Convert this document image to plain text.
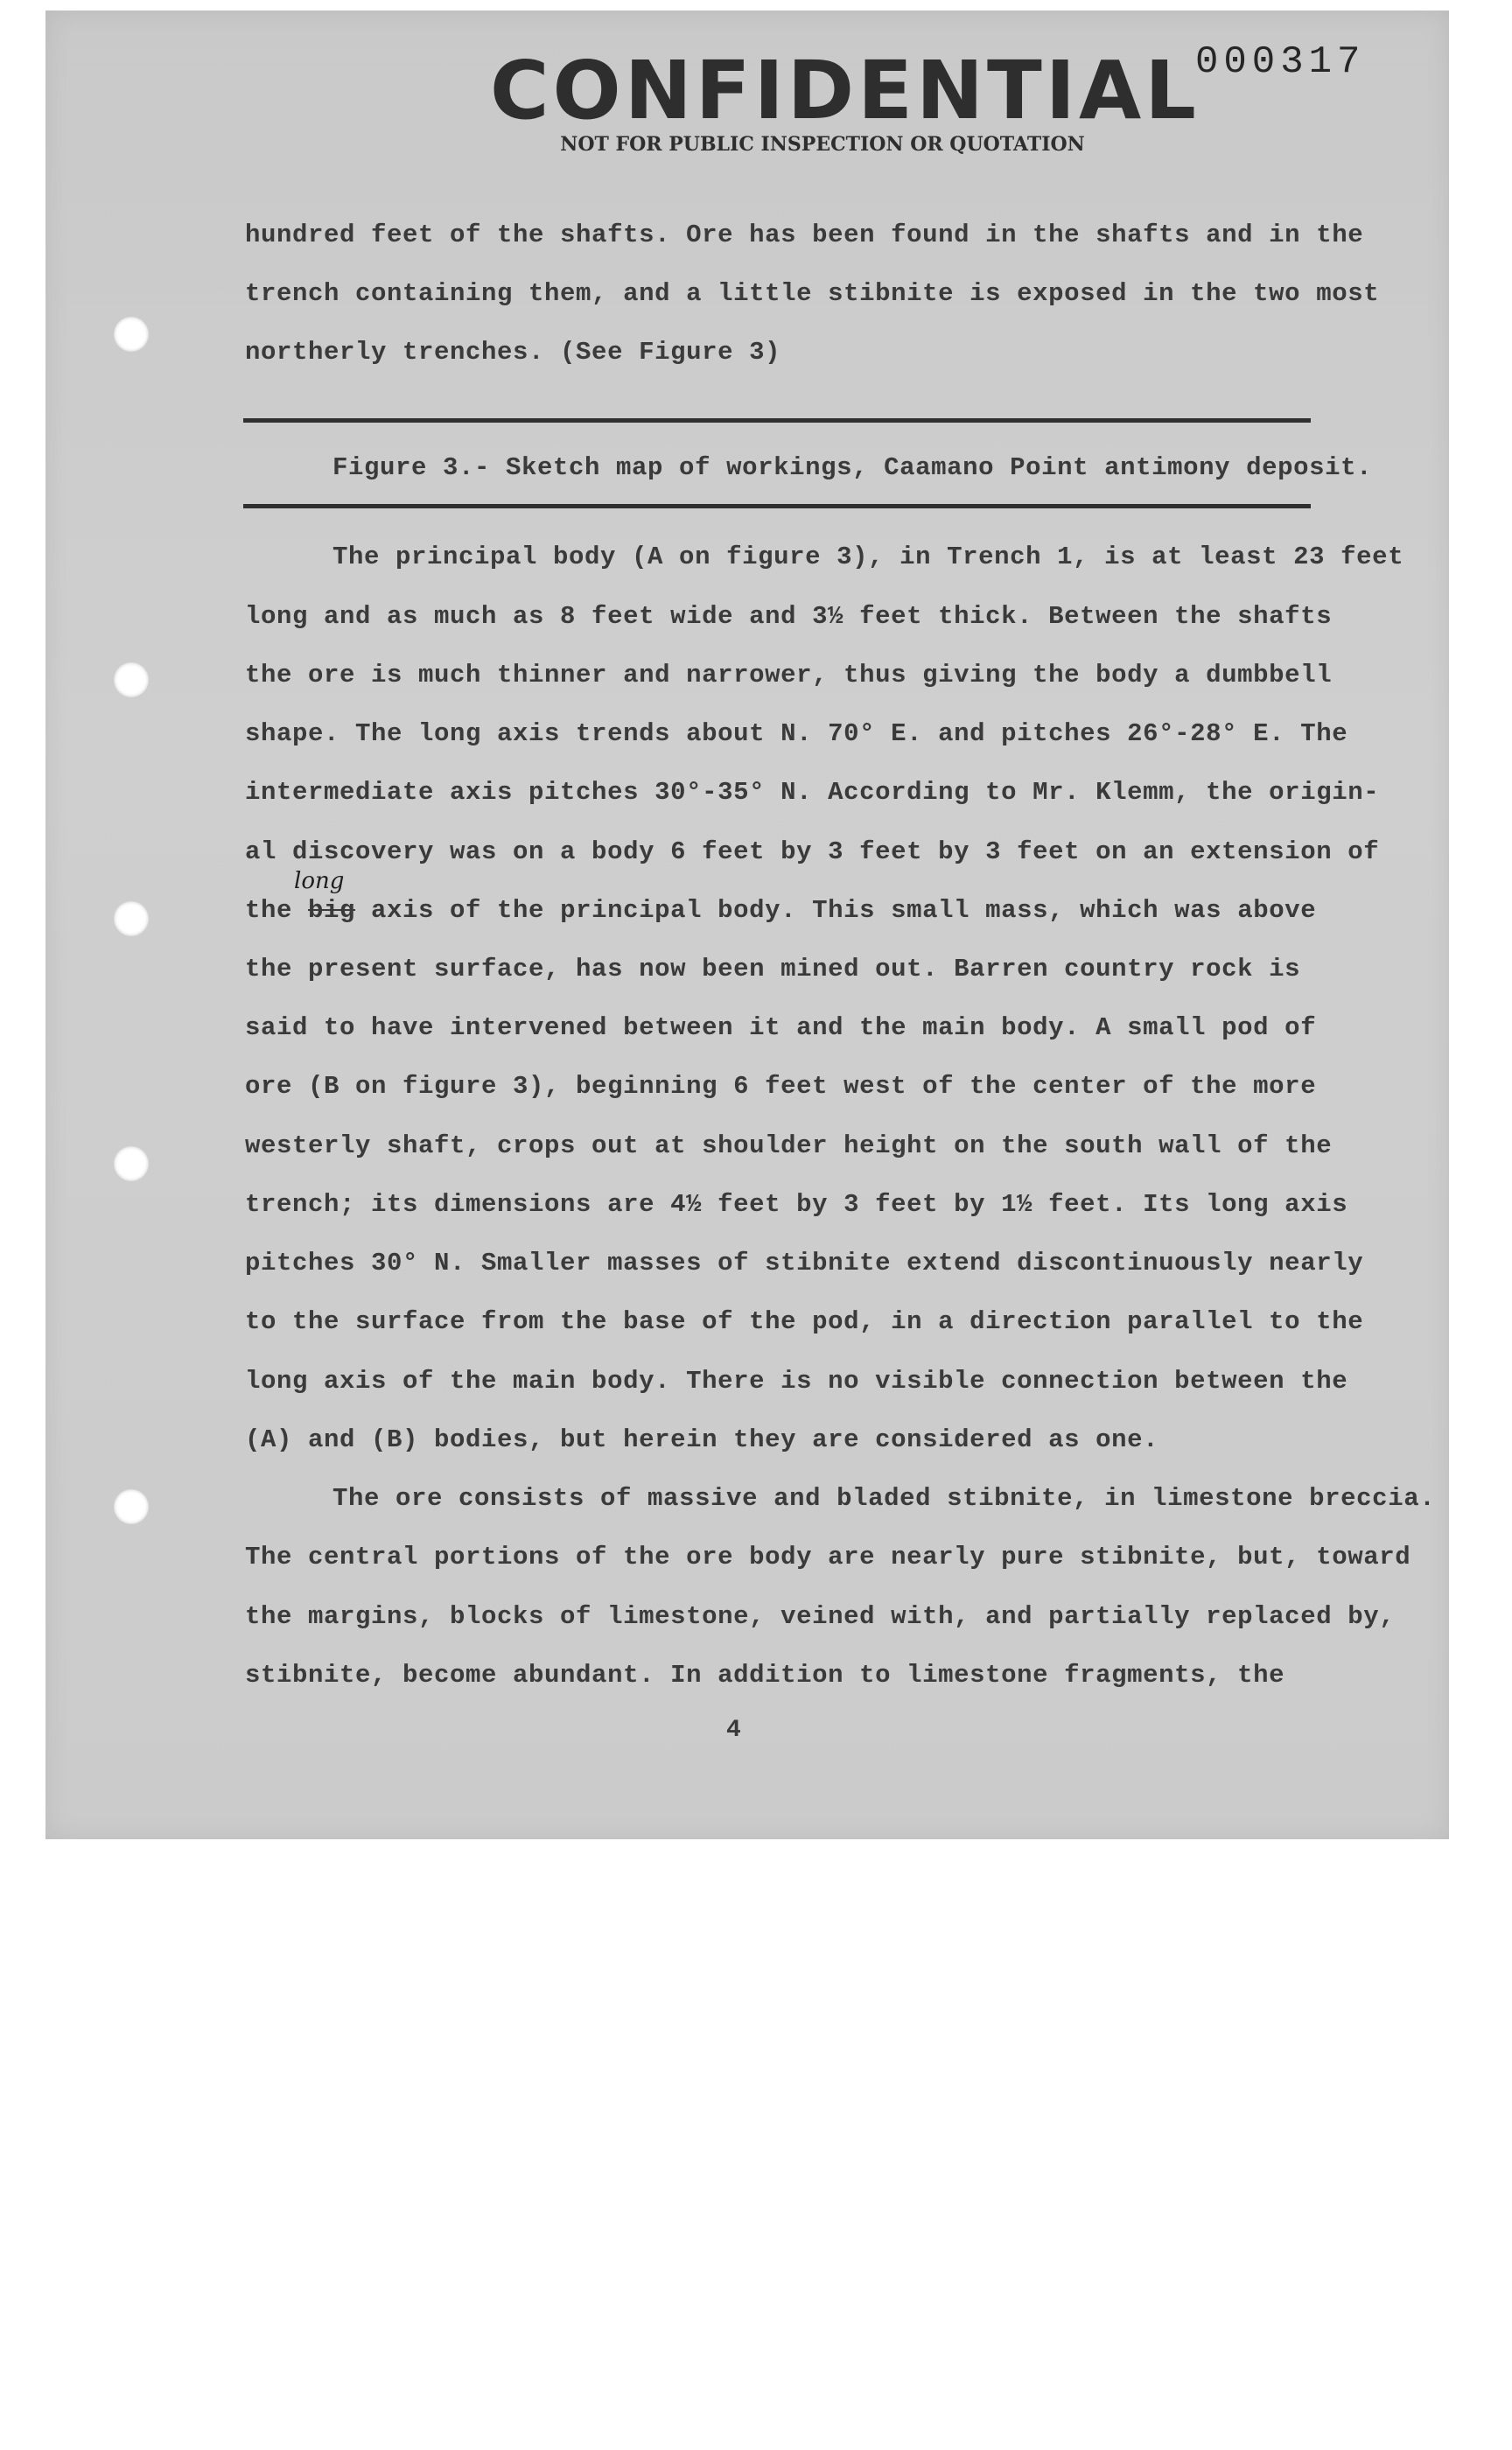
CONFIDENTIAL
NOT FOR PUBLIC INSPECTION OR QUOTATION
000317
hundred feet of the shafts. Ore has been found in the shafts and in the
trench containing them, and a little stibnite is exposed in the two most
northerly trenches. (See Figure 3)
Figure 3.- Sketch map of workings, Caamano Point antimony deposit.
The principal body (A on figure 3), in Trench 1, is at least 23 feet
long and as much as 8 feet wide and 3½ feet thick. Between the shafts
the ore is much thinner and narrower, thus giving the body a dumbbell
shape. The long axis trends about N. 70° E. and pitches 26°-28° E. The
intermediate axis pitches 30°-35° N. According to Mr. Klemm, the origin-
al discovery was on a body 6 feet by 3 feet by 3 feet on an extension of
the big axis of the principal body. This small mass, which was above
long
the present surface, has now been mined out. Barren country rock is
said to have intervened between it and the main body. A small pod of
ore (B on figure 3), beginning 6 feet west of the center of the more
westerly shaft, crops out at shoulder height on the south wall of the
trench; its dimensions are 4½ feet by 3 feet by 1½ feet. Its long axis
pitches 30° N. Smaller masses of stibnite extend discontinuously nearly
to the surface from the base of the pod, in a direction parallel to the
long axis of the main body. There is no visible connection between the
(A) and (B) bodies, but herein they are considered as one.
The ore consists of massive and bladed stibnite, in limestone breccia.
The central portions of the ore body are nearly pure stibnite, but, toward
the margins, blocks of limestone, veined with, and partially replaced by,
stibnite, become abundant. In addition to limestone fragments, the
4
